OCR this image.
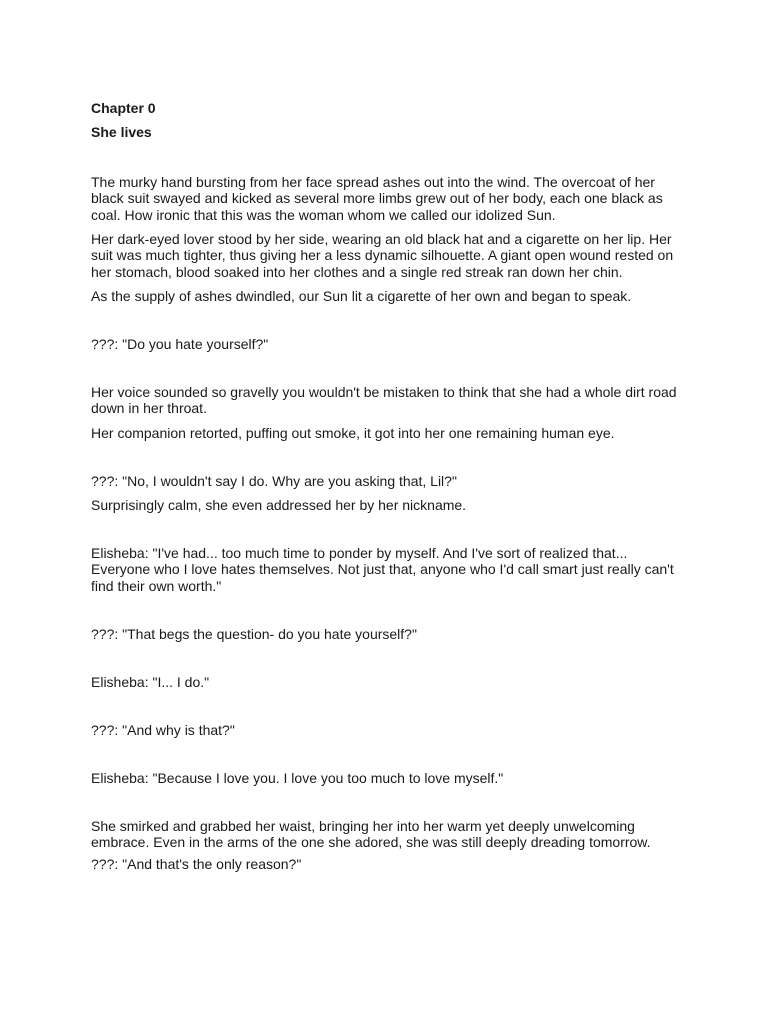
Chapter 0

She lives

The murky hand bursting from her face spread ashes out into the wind. The overcoat of her black suit swayed and kicked as several more limbs grew out of her body, each one black as coal. How ironic that this was the woman whom we called our idolized Sun.

Her dark-eyed lover stood by her side, wearing an old black hat and a cigarette on her lip. Her suit was much tighter, thus giving her a less dynamic silhouette. A giant open wound rested on her stomach, blood soaked into her clothes and a single red streak ran down her chin.

As the supply of ashes dwindled, our Sun lit a cigarette of her own and began to speak.

???: "Do you hate yourself?"

Her voice sounded so gravelly you wouldn't be mistaken to think that she had a whole dirt road down in her throat.

Her companion retorted, puffing out smoke, it got into her one remaining human eye.

???: "No, I wouldn't say I do. Why are you asking that, Lil?"

Surprisingly calm, she even addressed her by her nickname.

Elisheba: "I've had... too much time to ponder by myself. And I've sort of realized that... Everyone who I love hates themselves. Not just that, anyone who I'd call smart just really can't find their own worth."

???: "That begs the question- do you hate yourself?"

Elisheba: "I... I do."

???: "And why is that?"

Elisheba: "Because I love you. I love you too much to love myself."

She smirked and grabbed her waist, bringing her into her warm yet deeply unwelcoming embrace. Even in the arms of the one she adored, she was still deeply dreading tomorrow.

???: "And that's the only reason?"
